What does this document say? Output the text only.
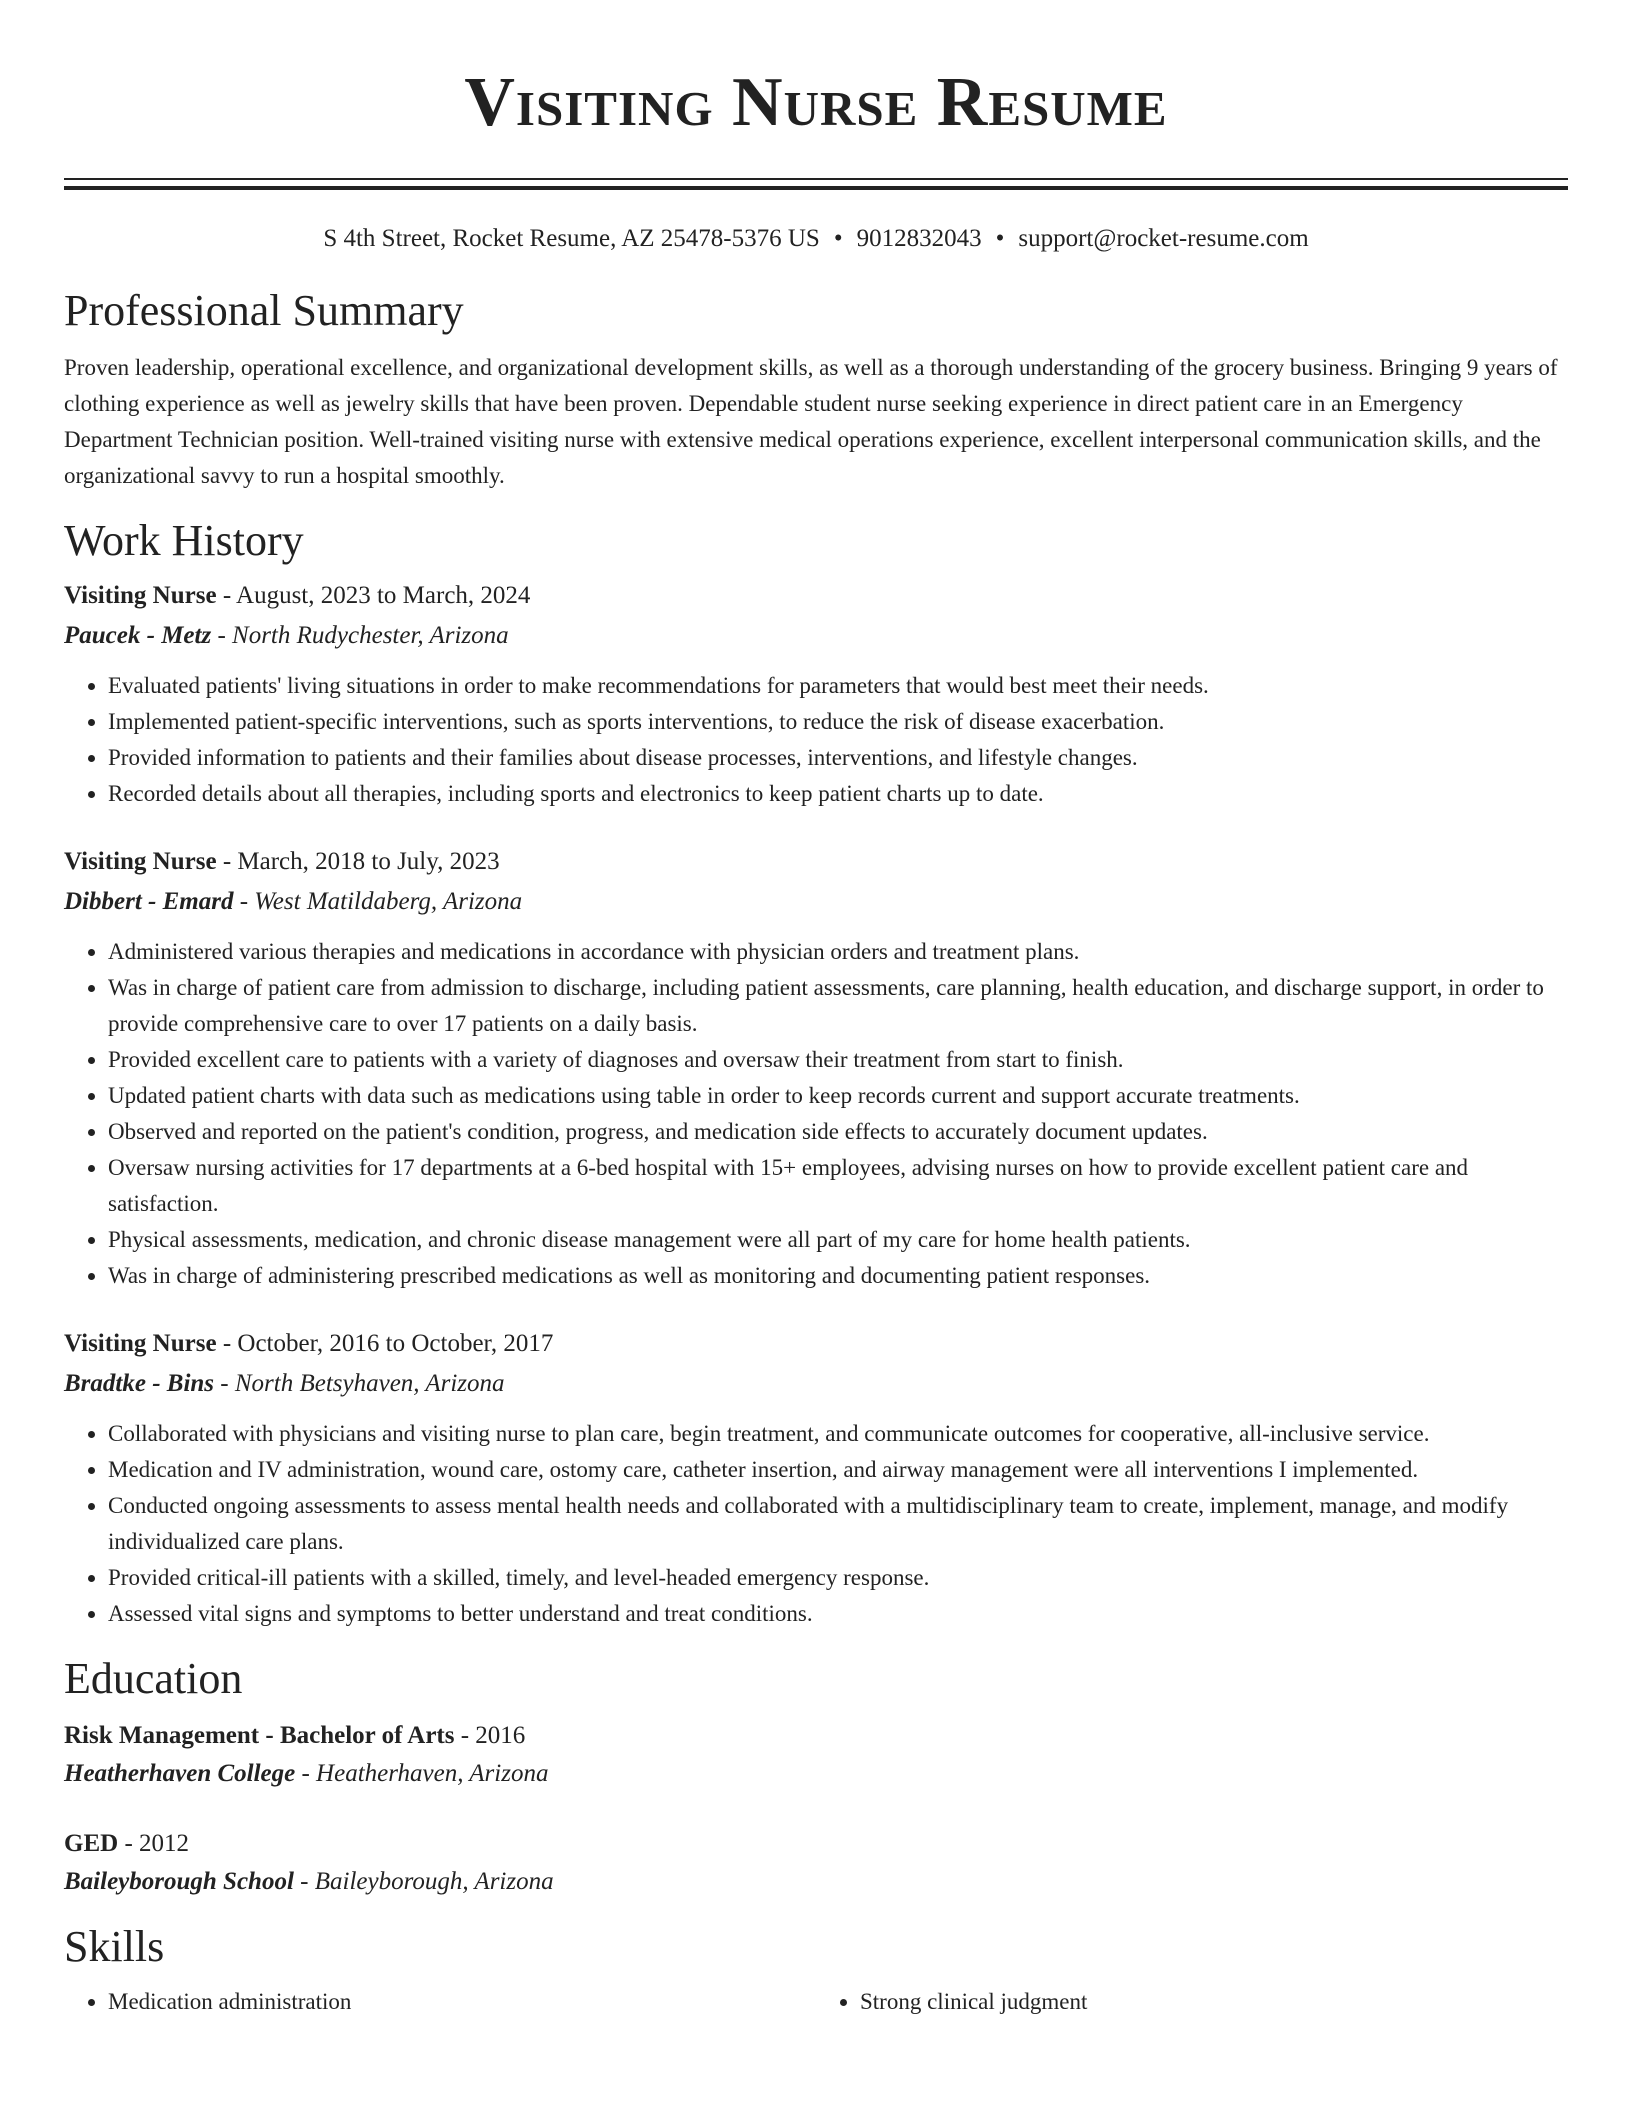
Visiting Nurse Resume
S 4th Street, Rocket Resume, AZ 25478-5376 US • 9012832043 • support@rocket-resume.com
Professional Summary

Proven leadership, operational excellence, and organizational development skills, as well as a thorough understanding of the grocery business. Bringing 9 years of clothing experience as well as jewelry skills that have been proven. Dependable student nurse seeking experience in direct patient care in an Emergency Department Technician position. Well-trained visiting nurse with extensive medical operations experience, excellent interpersonal communication skills, and the organizational savvy to run a hospital smoothly.

Work History

Visiting Nurse - August, 2023 to March, 2024

Paucek - Metz - North Rudychester, Arizona

• Evaluated patients' living situations in order to make recommendations for parameters that would best meet their needs.
• Implemented patient-specific interventions, such as sports interventions, to reduce the risk of disease exacerbation.
• Provided information to patients and their families about disease processes, interventions, and lifestyle changes.
• Recorded details about all therapies, including sports and electronics to keep patient charts up to date.

Visiting Nurse - March, 2018 to July, 2023

Dibbert - Emard - West Matildaberg, Arizona

• Administered various therapies and medications in accordance with physician orders and treatment plans.
• Was in charge of patient care from admission to discharge, including patient assessments, care planning, health education, and discharge support, in order to provide comprehensive care to over 17 patients on a daily basis.
• Provided excellent care to patients with a variety of diagnoses and oversaw their treatment from start to finish.
• Updated patient charts with data such as medications using table in order to keep records current and support accurate treatments.
• Observed and reported on the patient's condition, progress, and medication side effects to accurately document updates.
• Oversaw nursing activities for 17 departments at a 6-bed hospital with 15+ employees, advising nurses on how to provide excellent patient care and satisfaction.
• Physical assessments, medication, and chronic disease management were all part of my care for home health patients.
• Was in charge of administering prescribed medications as well as monitoring and documenting patient responses.

Visiting Nurse - October, 2016 to October, 2017

Bradtke - Bins - North Betsyhaven, Arizona

• Collaborated with physicians and visiting nurse to plan care, begin treatment, and communicate outcomes for cooperative, all-inclusive service.
• Medication and IV administration, wound care, ostomy care, catheter insertion, and airway management were all interventions I implemented.
• Conducted ongoing assessments to assess mental health needs and collaborated with a multidisciplinary team to create, implement, manage, and modify individualized care plans.
• Provided critical-ill patients with a skilled, timely, and level-headed emergency response.
• Assessed vital signs and symptoms to better understand and treat conditions.
Education

Risk Management - Bachelor of Arts - 2016

Heatherhaven College - Heatherhaven, Arizona

GED - 2012

Baileyborough School - Baileyborough, Arizona

Skills
• Medication administration
•	Strong clinical judgment
